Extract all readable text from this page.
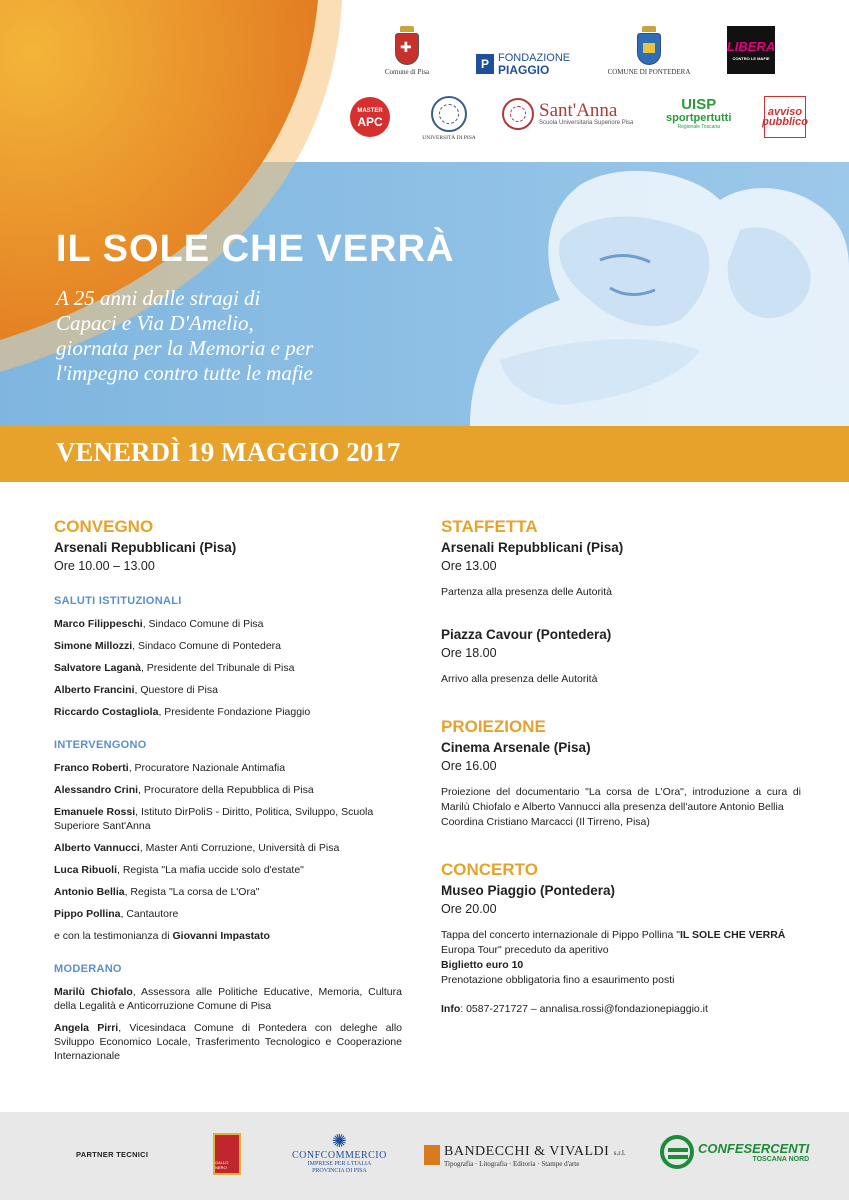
✚
Comune di Pisa
P FONDAZIONE
PIAGGIO	COMUNE DI PONTEDERA
LIBERA
CONTRO LE MAFIE
MASTER
APC
UNIVERSITÀ DI PISA
Sant'Anna
Scuola Universitaria Superiore Pisa
UISP
sportpertutti
Regionale Toscana
avviso
pubblico
IL SOLE CHE VERRÀ
A 25 anni dalle stragi di
Capaci e Via D'Amelio,
giornata per la Memoria e per
l'impegno contro tutte le mafie
VENERDÌ 19 MAGGIO 2017
CONVEGNO
Arsenali Repubblicani (Pisa)
Ore 10.00 – 13.00
SALUTI ISTITUZIONALI
Marco Filippeschi, Sindaco Comune di Pisa
Simone Millozzi, Sindaco Comune di Pontedera
Salvatore Laganà, Presidente del Tribunale di Pisa
Alberto Francini, Questore di Pisa
Riccardo Costagliola, Presidente Fondazione Piaggio
INTERVENGONO
Franco Roberti, Procuratore Nazionale Antimafia
Alessandro Crini, Procuratore della Repubblica di Pisa
Emanuele Rossi, Istituto DirPoliS - Diritto, Politica, Sviluppo, Scuola Superiore Sant'Anna
Alberto Vannucci, Master Anti Corruzione, Università di Pisa
Luca Ribuoli, Regista "La mafia uccide solo d'estate"
Antonio Bellia, Regista "La corsa de L'Ora"
Pippo Pollina, Cantautore
e con la testimonianza di Giovanni Impastato
MODERANO
Marilù Chiofalo, Assessora alle Politiche Educative, Memoria, Cultura della Legalità e Anticorruzione Comune di Pisa
Angela Pirri, Vicesindaca Comune di Pontedera con deleghe allo Sviluppo Economico Locale, Trasferimento Tecnologico e Cooperazione Internazionale
STAFFETTA
Arsenali Repubblicani (Pisa)
Ore 13.00
Partenza alla presenza delle Autorità
Piazza Cavour (Pontedera)
Ore 18.00
Arrivo alla presenza delle Autorità
PROIEZIONE
Cinema Arsenale (Pisa)
Ore 16.00
Proiezione del documentario "La corsa de L'Ora", introduzione a cura di Marilù Chiofalo e Alberto Vannucci alla presenza dell'autore Antonio Bellia
Coordina Cristiano Marcacci (Il Tirreno, Pisa)
CONCERTO
Museo Piaggio (Pontedera)
Ore 20.00
Tappa del concerto internazionale di Pippo Pollina "IL SOLE CHE VERRÁ Europa Tour" preceduto da aperitivo
Biglietto euro 10
Prenotazione obbligatoria fino a esaurimento posti
Info: 0587-271727 – annalisa.rossi@fondazionepiaggio.it
PARTNER TECNICI
GALLO NERO
✺
CONFCOMMERCIO
IMPRESE PER L'ITALIA
PROVINCIA DI PISA
BANDECCHI & VIVALDI s.r.l.
Tipografia · Litografia · Editoria · Stampe d'arte
CONFESERCENTI
TOSCANA NORD
